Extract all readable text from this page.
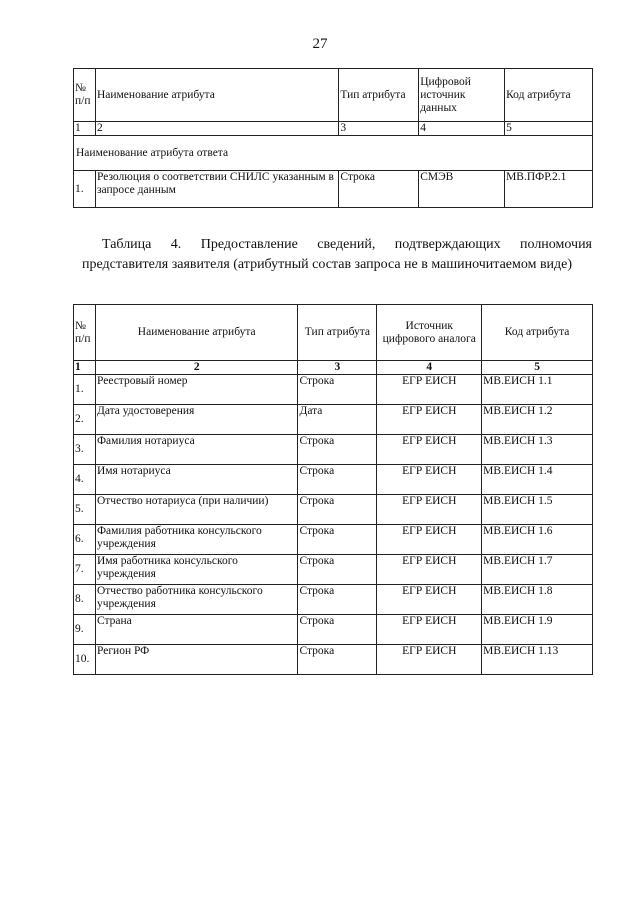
27
№ п/п	Наименование атрибута	Тип атрибута	Цифровой источник данных	Код атрибута
1	2	3	4	5
Наименование атрибута ответа				
1.	Резолюция о соответствии СНИЛС указанным в запросе данным	Строка	СМЭВ	МВ.ПФР.2.1
Таблица 4. Предоставление сведений, подтверждающих полномочия представителя заявителя (атрибутный состав запроса не в машиночитаемом виде)
№ п/п	Наименование атрибута	Тип атрибута	Источник цифрового аналога	Код атрибута
1	2	3	4	5
1.	Реестровый номер	Строка	ЕГР ЕИСН	МВ.ЕИСН 1.1
2.	Дата удостоверения	Дата	ЕГР ЕИСН	МВ.ЕИСН 1.2
3.	Фамилия нотариуса	Строка	ЕГР ЕИСН	МВ.ЕИСН 1.3
4.	Имя нотариуса	Строка	ЕГР ЕИСН	МВ.ЕИСН 1.4
5.	Отчество нотариуса (при наличии)	Строка	ЕГР ЕИСН	МВ.ЕИСН 1.5
6.	Фамилия работника консульского учреждения	Строка	ЕГР ЕИСН	МВ.ЕИСН 1.6
7.	Имя работника консульского учреждения	Строка	ЕГР ЕИСН	МВ.ЕИСН 1.7
8.	Отчество работника консульского учреждения	Строка	ЕГР ЕИСН	МВ.ЕИСН 1.8
9.	Страна	Строка	ЕГР ЕИСН	МВ.ЕИСН 1.9
10.	Регион РФ	Строка	ЕГР ЕИСН	МВ.ЕИСН 1.13
